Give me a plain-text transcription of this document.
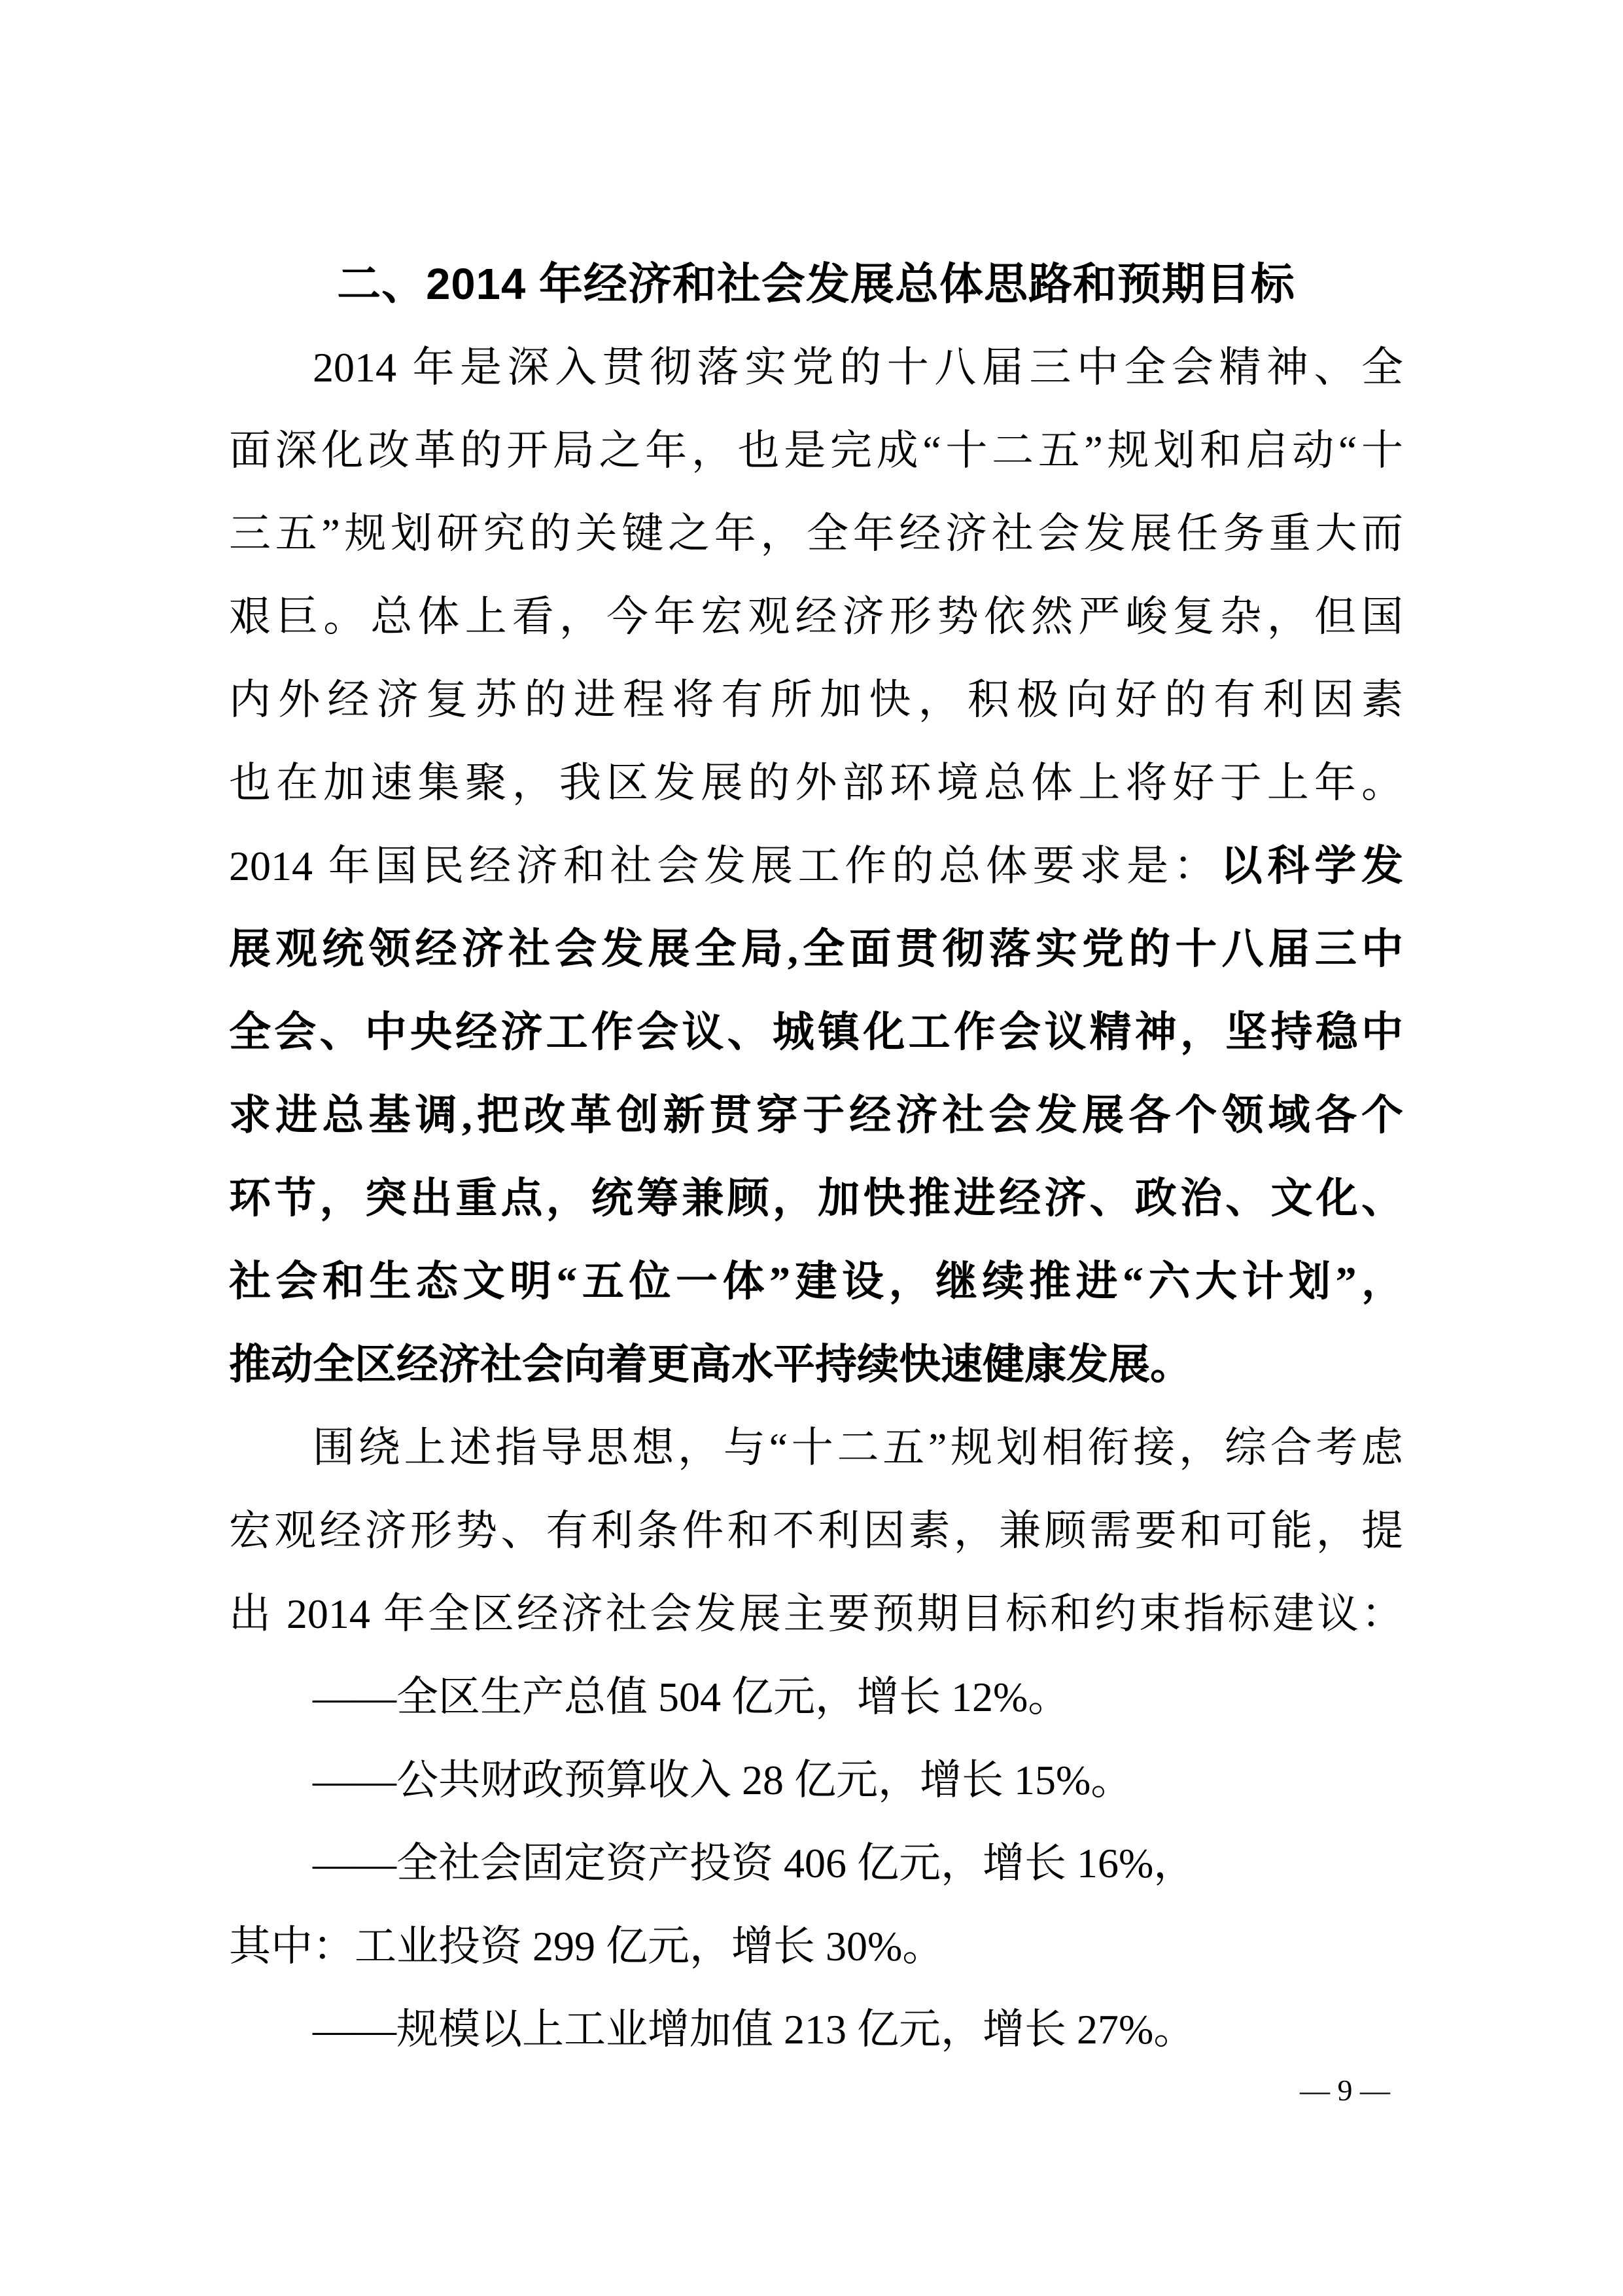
二、2014 年经济和社会发展总体思路和预期目标
2014 年是深入贯彻落实党的十八届三中全会精神、全
面深化改革的开局之年，也是完成“十二五”规划和启动“十
三五”规划研究的关键之年，全年经济社会发展任务重大而
艰巨。总体上看，今年宏观经济形势依然严峻复杂，但国
内外经济复苏的进程将有所加快，积极向好的有利因素
也在加速集聚，我区发展的外部环境总体上将好于上年。
2014 年国民经济和社会发展工作的总体要求是：以科学发
展观统领经济社会发展全局,全面贯彻落实党的十八届三中
全会、中央经济工作会议、城镇化工作会议精神，坚持稳中
求进总基调,把改革创新贯穿于经济社会发展各个领域各个
环节，突出重点，统筹兼顾，加快推进经济、政治、文化、
社会和生态文明“五位一体”建设，继续推进“六大计划”，
推动全区经济社会向着更高水平持续快速健康发展。
围绕上述指导思想，与“十二五”规划相衔接，综合考虑
宏观经济形势、有利条件和不利因素，兼顾需要和可能，提
出 2014 年全区经济社会发展主要预期目标和约束指标建议：
——全区生产总值 504 亿元，增长 12%。
——公共财政预算收入 28 亿元，增长 15%。
——全社会固定资产投资 406 亿元，增长 16%，
其中：工业投资 299 亿元，增长 30%。
——规模以上工业增加值 213 亿元，增长 27%。
— 9 —
